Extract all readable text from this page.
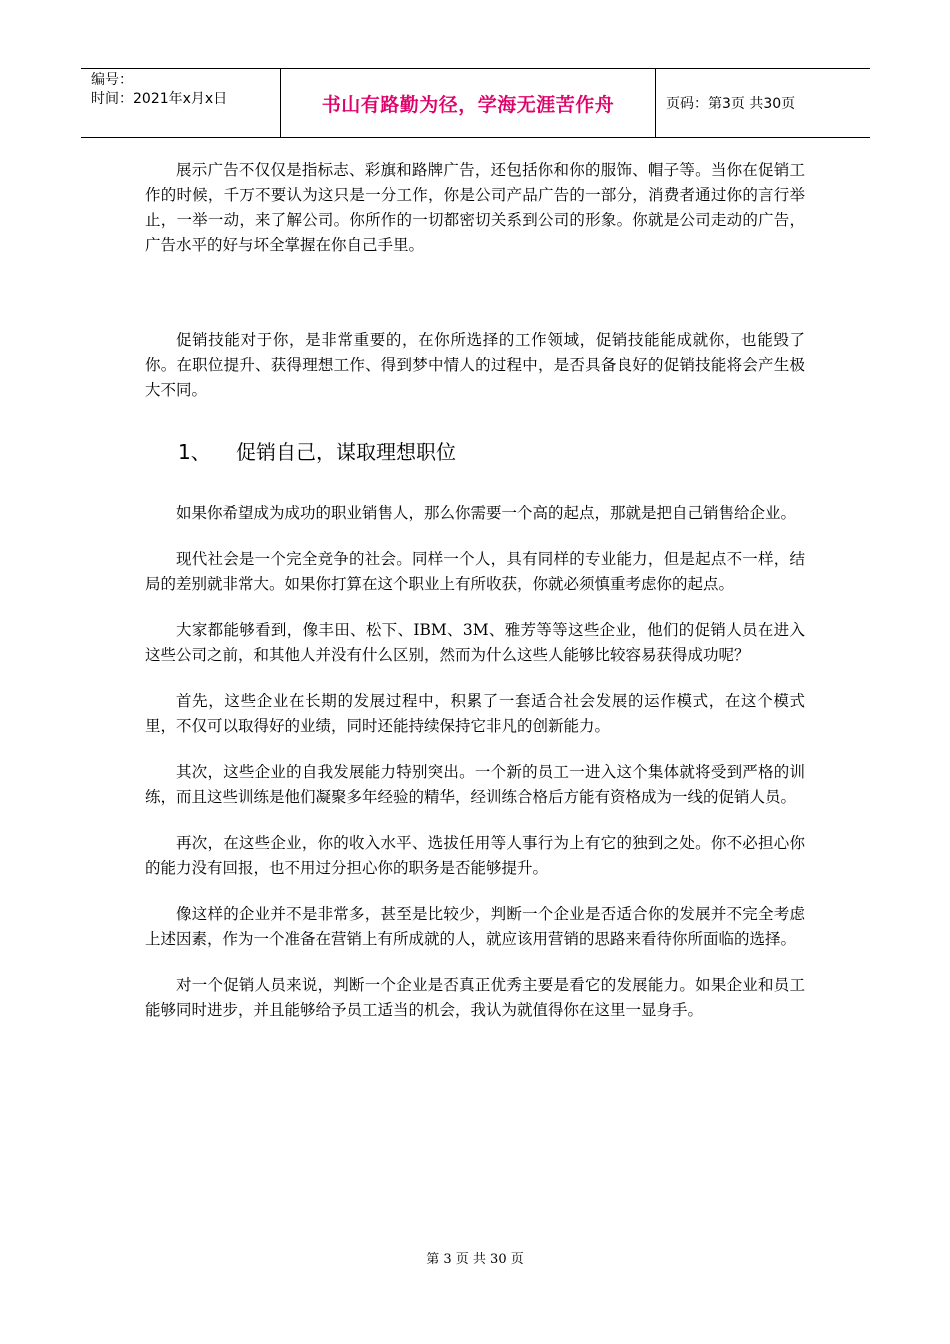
编号：
时间：2021年x月x日	书山有路勤为径，学海无涯苦作舟	页码：第3页 共30页

展示广告不仅仅是指标志、彩旗和路牌广告，还包括你和你的服饰、帽子等。当你在促销工作的时候，千万不要认为这只是一分工作，你是公司产品广告的一部分，消费者通过你的言行举止，一举一动，来了解公司。你所作的一切都密切关系到公司的形象。你就是公司走动的广告，广告水平的好与坏全掌握在你自己手里。

促销技能对于你，是非常重要的，在你所选择的工作领域，促销技能能成就你，也能毁了你。在职位提升、获得理想工作、得到梦中情人的过程中，是否具备良好的促销技能将会产生极大不同。

1、 促销自己，谋取理想职位

如果你希望成为成功的职业销售人，那么你需要一个高的起点，那就是把自己销售给企业。

现代社会是一个完全竞争的社会。同样一个人，具有同样的专业能力，但是起点不一样，结局的差别就非常大。如果你打算在这个职业上有所收获，你就必须慎重考虑你的起点。

大家都能够看到，像丰田、松下、IBM、3M、雅芳等等这些企业，他们的促销人员在进入这些公司之前，和其他人并没有什么区别，然而为什么这些人能够比较容易获得成功呢？

首先，这些企业在长期的发展过程中，积累了一套适合社会发展的运作模式，在这个模式里，不仅可以取得好的业绩，同时还能持续保持它非凡的创新能力。

其次，这些企业的自我发展能力特别突出。一个新的员工一进入这个集体就将受到严格的训练，而且这些训练是他们凝聚多年经验的精华，经训练合格后方能有资格成为一线的促销人员。

再次，在这些企业，你的收入水平、选拔任用等人事行为上有它的独到之处。你不必担心你的能力没有回报，也不用过分担心你的职务是否能够提升。

像这样的企业并不是非常多，甚至是比较少，判断一个企业是否适合你的发展并不完全考虑上述因素，作为一个准备在营销上有所成就的人，就应该用营销的思路来看待你所面临的选择。

对一个促销人员来说，判断一个企业是否真正优秀主要是看它的发展能力。如果企业和员工能够同时进步，并且能够给予员工适当的机会，我认为就值得你在这里一显身手。

第 3 页 共 30 页
